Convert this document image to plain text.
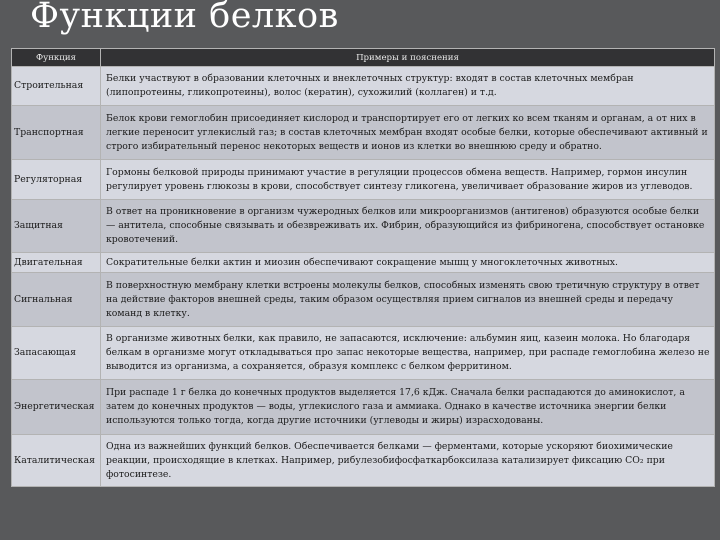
Функции белков
Функция	Примеры и пояснения
Строительная	Белки участвуют в образовании клеточных и внеклеточных структур: входят в состав клеточных мембран (липопротеины, гликопротеины), волос (кератин), сухожилий (коллаген) и т.д.
Транспортная	Белок крови гемоглобин присоединяет кислород и транспортирует его от легких ко всем тканям и органам, а от них в легкие переносит углекислый газ; в состав клеточных мембран входят особые белки, которые обеспечивают активный и строго избирательный перенос некоторых веществ и ионов из клетки во внешнюю среду и обратно.
Регуляторная	Гормоны белковой природы принимают участие в регуляции процессов обмена веществ. Например, гормон инсулин регулирует уровень глюкозы в крови, способствует синтезу гликогена, увеличивает образование жиров из углеводов.
Защитная	В ответ на проникновение в организм чужеродных белков или микроорганизмов (антигенов) образуются особые белки — антитела, способные связывать и обезвреживать их. Фибрин, образующийся из фибриногена, способствует остановке кровотечений.
Двигательная	Сократительные белки актин и миозин обеспечивают сокращение мышц у многоклеточных животных.
Сигнальная	В поверхностную мембрану клетки встроены молекулы белков, способных изменять свою третичную структуру в ответ на действие факторов внешней среды, таким образом осуществляя прием сигналов из внешней среды и передачу команд в клетку.
Запасающая	В организме животных белки, как правило, не запасаются, исключение: альбумин яиц, казеин молока. Но благодаря белкам в организме могут откладываться про запас некоторые вещества, например, при распаде гемоглобина железо не выводится из организма, а сохраняется, образуя комплекс с белком ферритином.
Энергетическая	При распаде 1 г белка до конечных продуктов выделяется 17,6 кДж. Сначала белки распадаются до аминокислот, а затем до конечных продуктов — воды, углекислого газа и аммиака. Однако в качестве источника энергии белки используются только тогда, когда другие источники (углеводы и жиры) израсходованы.
Каталитическая	Одна из важнейших функций белков. Обеспечивается белками — ферментами, которые ускоряют биохимические реакции, происходящие в клетках. Например, рибулезобифосфаткарбоксилаза катализирует фиксацию CO₂ при фотосинтезе.
